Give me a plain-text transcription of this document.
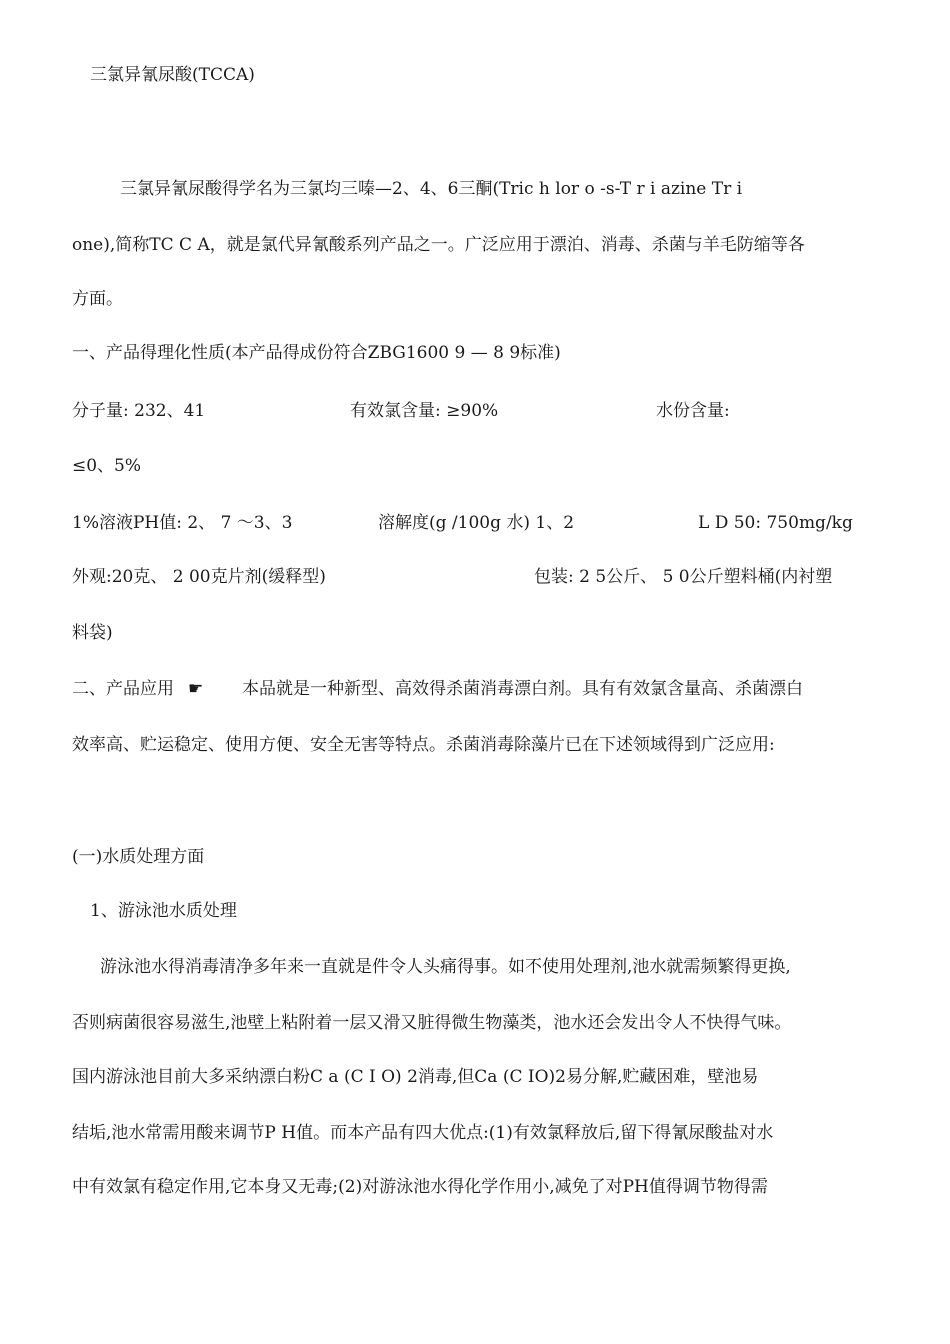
三氯异氰尿酸(TCCA)
三氯异氰尿酸得学名为三氯均三嗪—2、4、6三酮(Tric h lor o -s-T r i azine Tr i
one),简称TC C A，就是氯代异氰酸系列产品之一。广泛应用于漂泊、消毒、杀菌与羊毛防缩等各
方面。
一、产品得理化性质(本产品得成份符合ZBG1600 9 — 8 9标准)
分子量: 232、41	有效氯含量: ≥90%	水份含量:
≤0、5%
1%溶液PH值: 2、 7 ～3、3	溶解度(g /100g 水) 1、2	L D 50: 750mg/kg
外观:20克、 2 00克片剂(缓释型)	包装: 2 5公斤、 5 0公斤塑料桶(内衬塑
料袋)
二、产品应用 ☛ 本品就是一种新型、高效得杀菌消毒漂白剂。具有有效氯含量高、杀菌漂白
效率高、贮运稳定、使用方便、安全无害等特点。杀菌消毒除藻片已在下述领域得到广泛应用:
(一)水质处理方面
1、游泳池水质处理
游泳池水得消毒清净多年来一直就是件令人头痛得事。如不使用处理剂,池水就需频繁得更换,
否则病菌很容易滋生,池壁上粘附着一层又滑又脏得微生物藻类，池水还会发出令人不快得气味。
国内游泳池目前大多采纳漂白粉C a (C I O) 2消毒,但Ca (C IO)2易分解,贮藏困难，壁池易
结垢,池水常需用酸来调节P H值。而本产品有四大优点:(1)有效氯释放后,留下得氰尿酸盐对水
中有效氯有稳定作用,它本身又无毒;(2)对游泳池水得化学作用小,减免了对PH值得调节物得需
